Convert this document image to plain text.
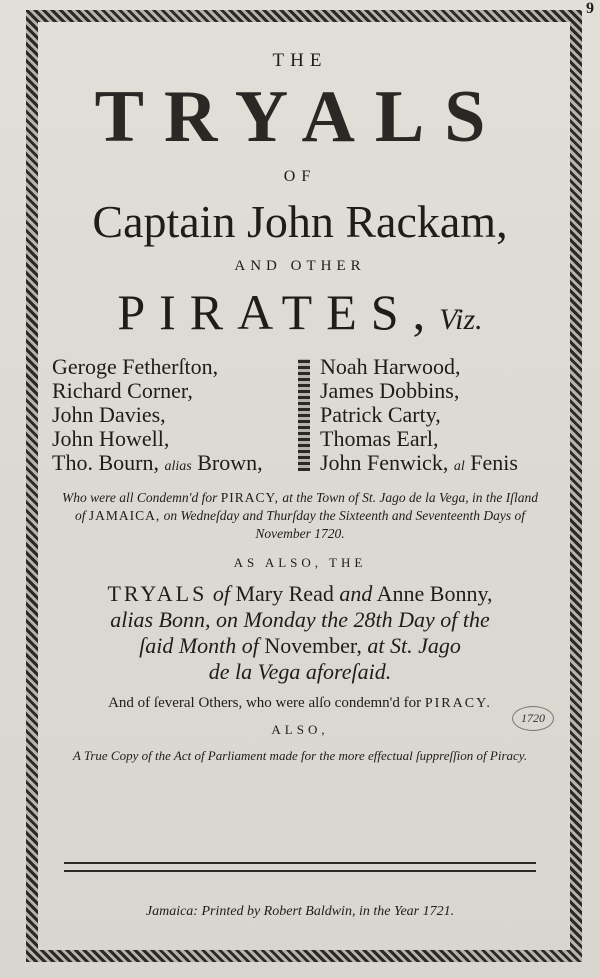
9
THE
TRYALS
OF
Captain John Rackam,
AND OTHER
PIRATES,Viz.
Geroge Fetherſton,
Richard Corner,
John Davies,
John Howell,
Tho. Bourn, alias Brown,
Noah Harwood,
James Dobbins,
Patrick Carty,
Thomas Earl,
John Fenwick, al Fenis
Who were all Condemn'd for PIRACY, at the Town of St. Jago de la Vega, in the Iſland of JAMAICA, on Wedneſday and Thurſday the Sixteenth and Seventeenth Days of November 1720.
AS ALSO, THE
TRYALS of Mary Read and Anne Bonny,
alias Bonn, on Monday the 28th Day of the
ſaid Month of November, at St. Jago
de la Vega aforeſaid.
And of ſeveral Others, who were alſo condemn'd for PIRACY.
ALSO,
A True Copy of the Act of Parliament made for the more effectual ſuppreſſion of Piracy.
Jamaica: Printed by Robert Baldwin, in the Year 1721.
1720
